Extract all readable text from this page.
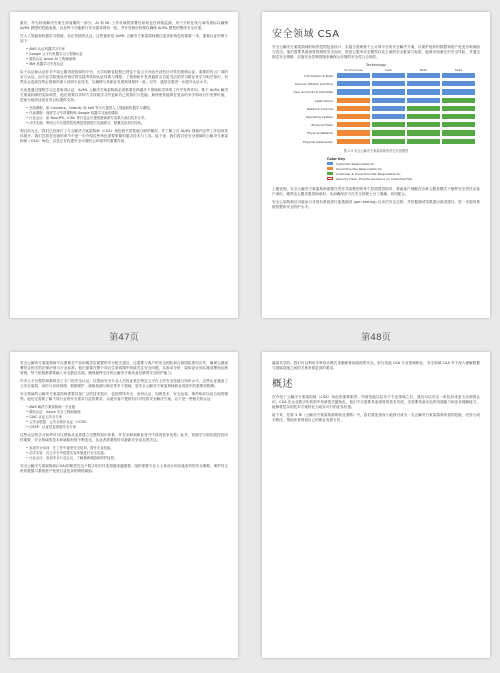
最后，作为持续解决方案生命周期的一部分，AI 和 ML 工作负载的部署后如何也在持续监测，用于分析在线与离线指标以确保 AI/ML 模型的性能表现，以及每个功能都与安全需求保持一致。并开发相应机制以确保 AI/ML 模型的整体安全可靠。

在人工智能和机器学习领域，存在持续的认证，这些通常是 AI/ML 云解决方案架构师通往更高阶角色的重要一步。重要认证的例子如下：

• AWS 认证机器学习专家
• Google 云平台机器学习工程师认证
• 微软认证 Azure AI 工程师助理
• IBM 机器学习专家认证

由于认证和认证针对不同云服务提供商的平台，大学和职业院校已特定于某云平台而开设有针对性的资格认证。重要的有云厂商的官方认证，而专业学院则设有相应的实践考试和认证体系与课程。工程师和开发者通常会以更灵活的学习路径来学习相关知识，有些还会选择在特定领域内深入钻研专业技术，以确保与其职业发展规划保持一致。另外，通常还需进一步提升认证水平。

无论是通过课程学习还是取得认证，AI/ML 云解决方案架构师必须都要在跨越多个领域和学科的工作中发挥作用。基于 AI/ML 解决方案架构师的实际职责，他们需要以多种方式持续学习并更新自己的知识与技能。最终使其能够在复杂的多学科项目中发挥价值，进而为组织达成业务目标提供支持。

• 在线课程：如 Coursera、Udacity 和 edX 等平台提供人工智能和机器学习课程。
• 代表课程：深度学习专项课程和 Google 机器学习速成课程。
• 行业会议：如 NeurIPS、ICML 等行业会议提供最新研究成果与前沿技术分享。
• 动手实践：利用云平台提供的免费层资源进行实践练习，积累实际项目经验。

到目前为止，我们已经探讨了与云解决方案架构师（CSA）角色相关的技能与职责概况，并了解了在 AI/ML 领域内这些工作如何具体展开。我们还将在后面的章节中进一步介绍这些角色需要掌握的重点技术与工具。接下来，我们将讨论安全领域的云解决方案架构师（CSA）角色，以及它在构建安全可靠的云环境中的重要作用。

第47页
安全领域 CSA

安全云解决方案架构师的职责范围包括设计、实施与管理基于云计算平台的安全解决方案，以保护组织的数据和资产免受各种威胁与攻击。他们需要具备深厚的网络安全知识，熟悉云服务安全模型以及主流的安全框架与标准，能够识别潜在的安全风险，并通过制定安全策略、实施安全控制措施来确保云环境的安全性与合规性。

Technology
On-Premises	IaaS	PaaS	SaaS
Information & Data
Devices (Mobile and PCs)
User Accounts & Identities
Applications
Network Controls
Operating System
Physical Hosts
Physical Network
Physical Datacenter
图 2-5 安全云解决方案架构师的责任共担模型
Color Key
Customer Responsible for
Cloud Provider Responsible for
Customer & Cloud Provider Responsible for
Security CSAs: Provide Guidance on Individual Fills

上图表明，安全云解决方案架构师需要在责任共担模型的每个层面提供指导，帮助客户理解在各种云服务模式下哪些安全责任由客户承担，哪些由云服务提供商承担，从而确保各方在安全管理上分工明确、协同配合。

安全云架构师还可能参与对现有系统进行渗透测试 (pen testing) 以评估安全态势，并依据测试结果提出改进建议，进一步提高系统的整体安全防护水平。

第48页

安全云解决方案架构师不仅需要在产品和服务层面提供安全相关建议，还需要与客户的安全团队和合规团队密切合作，确保云端部署符合相关的法律法规与行业标准。他们需要在整个项目生命周期中持续关注安全问题，从需求分析、架构设计到实施部署和运维管理，每个阶段都需要融入安全最佳实践，确保最终交付的云解决方案具备足够的安全防护能力。

许多云平台提供商都推出了专门的安全认证，以帮助安全专业人员验证其在特定云平台上的安全技能与知识水平。这些认证涵盖了云安全架构、身份与访问管理、数据保护、威胁检测与响应等多个领域，是安全云解决方案架构师职业发展中的重要里程碑。

安全领域的云解决方案架构师需要具备广泛的技术知识，包括网络安全、身份认证、加密技术、安全运营、事件响应以及合规管理等。他们还需要了解不同行业的安全需求与监管要求，以便为客户提供有针对性的安全解决方案。以下是一些相关的认证：

• AWS 解决方案架构师－专业级
• 微软认证：Azure 安全工程师助理
• GIAC 认证云安全专家
• 云安全联盟：云安全知识认证（CCSK）
• CISSP：认证信息系统安全专家

这些认证的学习和考试可以帮助从业者建立完整的知识体系，并在求职和职业晋升中获得竞争优势。此外，持续学习和实践经验同样重要，安全领域的技术和威胁形势不断变化，从业者需要保持对最新安全动态的关注。

• 参加安全培训：在工作中接受安全培训，提升专业技能。
• 动手实验：在云平台中搭建实验环境进行安全实践。
• 行业会议：参加安全行业会议，了解最新威胁和防护趋势。

安全云解决方案架构师(CSA)的职责在这个数字化时代变得越来越重要，组织需要专业人士来设计和实施有效的安全策略，保护其宝贵的数据与系统资产免受日益复杂的网络威胁。

属或共享的。我们可以利用多种设计模式来确保基础架构的安全。但与其他 CSA 专业领域相比，安全领域 CSA 对于深入理解数据与基础设施之间的关系有着更高的要求。

概述

在介绍了云解决方案架构师（CSA）角色的重要职责、所需技能以及各个专业领域之后，我们可以对这一角色形成更为全面的认识。CSA 在企业数字化转型中扮演着关键角色，他们不仅需要具备深厚的技术功底，还需要具备出色的沟通能力和业务理解能力，能够将复杂的技术方案转化为切实可行的业务价值。

接下来，在第 3 章（云解决方案架构师的职业道路）中，我们将更加深入地探讨成为一名云解决方案架构师所需的技能、经验与成长路径，帮助读者规划自己的职业发展方向。
